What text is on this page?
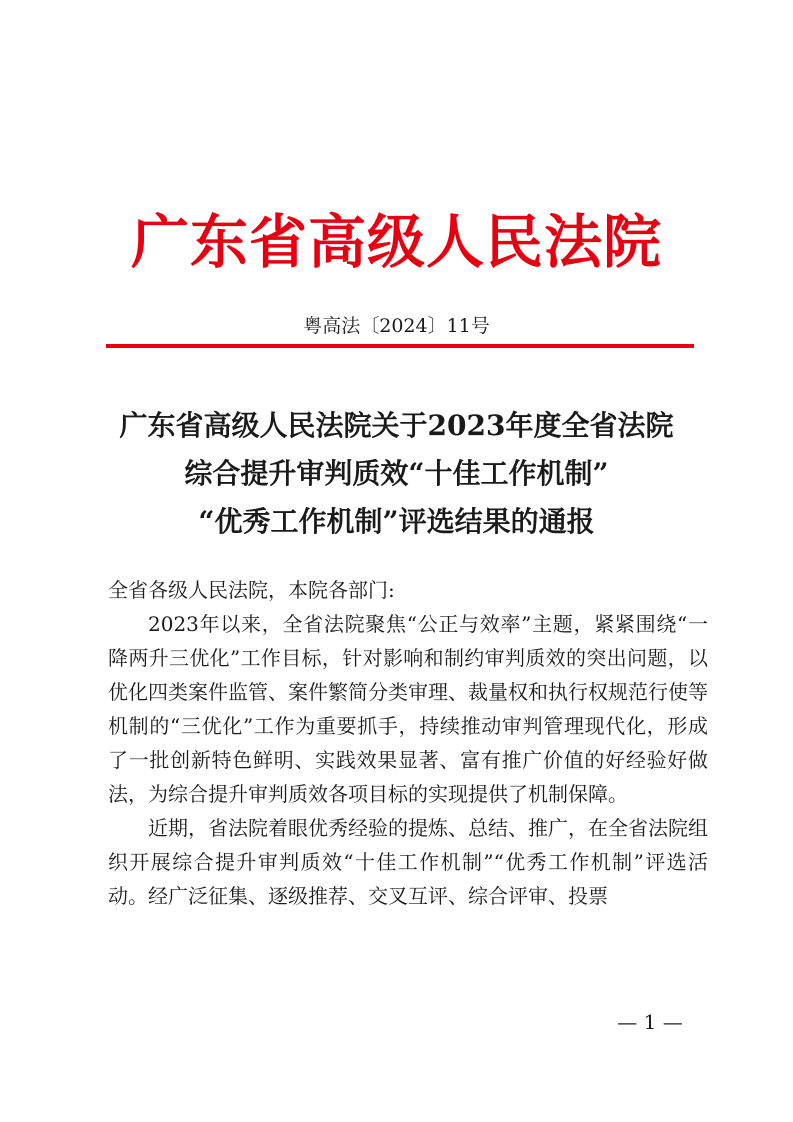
广东省高级人民法院
粤高法〔2024〕11号
广东省高级人民法院关于2023年度全省法院
综合提升审判质效“十佳工作机制”
“优秀工作机制”评选结果的通报

全省各级人民法院，本院各部门:

2023年以来，全省法院聚焦“公正与效率”主题，紧紧围绕“一降两升三优化”工作目标，针对影响和制约审判质效的突出问题，以优化四类案件监管、案件繁简分类审理、裁量权和执行权规范行使等机制的“三优化”工作为重要抓手，持续推动审判管理现代化，形成了一批创新特色鲜明、实践效果显著、富有推广价值的好经验好做法，为综合提升审判质效各项目标的实现提供了机制保障。

近期，省法院着眼优秀经验的提炼、总结、推广，在全省法院组织开展综合提升审判质效“十佳工作机制”“优秀工作机制”评选活动。经广泛征集、逐级推荐、交叉互评、综合评审、投票

— 1 —
